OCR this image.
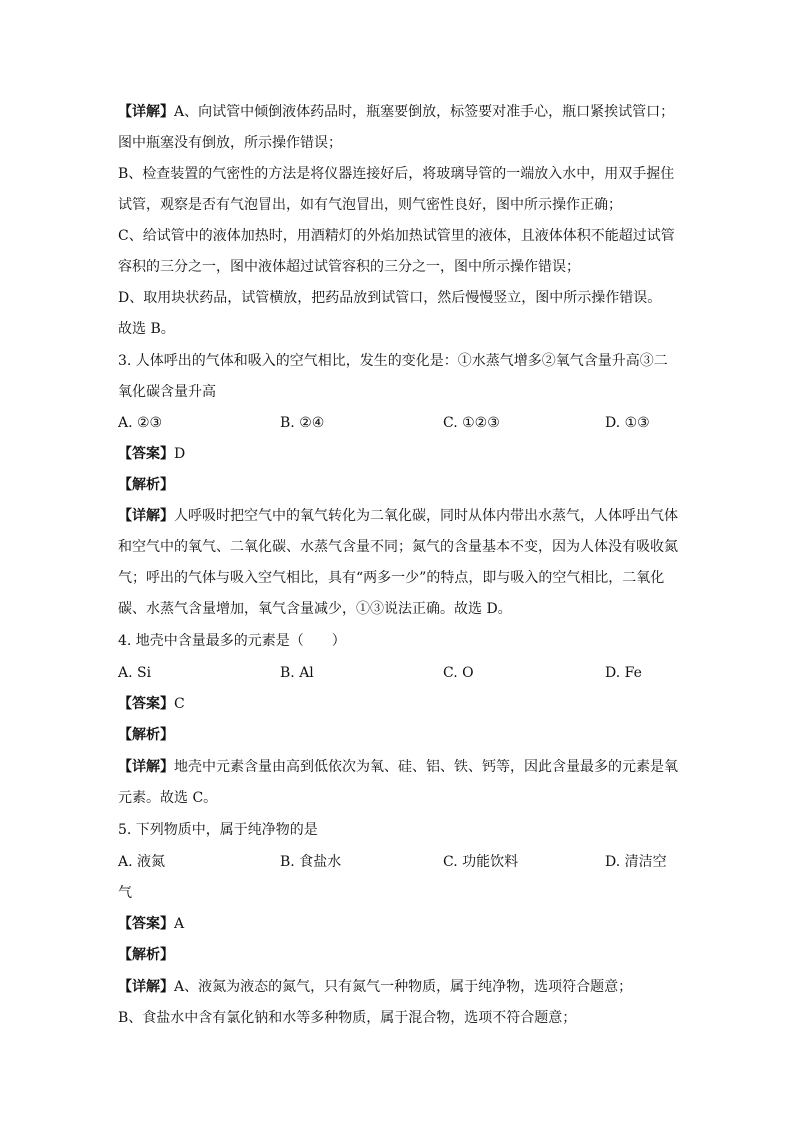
【详解】A、向试管中倾倒液体药品时，瓶塞要倒放，标签要对准手心，瓶口紧挨试管口；
图中瓶塞没有倒放，所示操作错误；
B、检查装置的气密性的方法是将仪器连接好后，将玻璃导管的一端放入水中，用双手握住
试管，观察是否有气泡冒出，如有气泡冒出，则气密性良好，图中所示操作正确；
C、给试管中的液体加热时，用酒精灯的外焰加热试管里的液体，且液体体积不能超过试管
容积的三分之一，图中液体超过试管容积的三分之一，图中所示操作错误；
D、取用块状药品，试管横放，把药品放到试管口，然后慢慢竖立，图中所示操作错误。
故选 B。
3. 人体呼出的气体和吸入的空气相比，发生的变化是：①水蒸气增多②氧气含量升高③二
氧化碳含量升高
A. ②③	B. ②④	C. ①②③	D. ①③
【答案】D
【解析】
【详解】人呼吸时把空气中的氧气转化为二氧化碳，同时从体内带出水蒸气，人体呼出气体
和空气中的氧气、二氧化碳、水蒸气含量不同；氮气的含量基本不变，因为人体没有吸收氮
气；呼出的气体与吸入空气相比，具有“两多一少”的特点，即与吸入的空气相比，二氧化
碳、水蒸气含量增加，氧气含量减少，①③说法正确。故选 D。
4. 地壳中含量最多的元素是（　　）
A. Si	B. Al	C. O	D. Fe
【答案】C
【解析】
【详解】地壳中元素含量由高到低依次为氧、硅、铝、铁、钙等，因此含量最多的元素是氧
元素。故选 C。
5. 下列物质中，属于纯净物的是
A. 液氮	B. 食盐水	C. 功能饮料	D. 清洁空
气
【答案】A
【解析】
【详解】A、液氮为液态的氮气，只有氮气一种物质，属于纯净物，选项符合题意；
B、食盐水中含有氯化钠和水等多种物质，属于混合物，选项不符合题意；
